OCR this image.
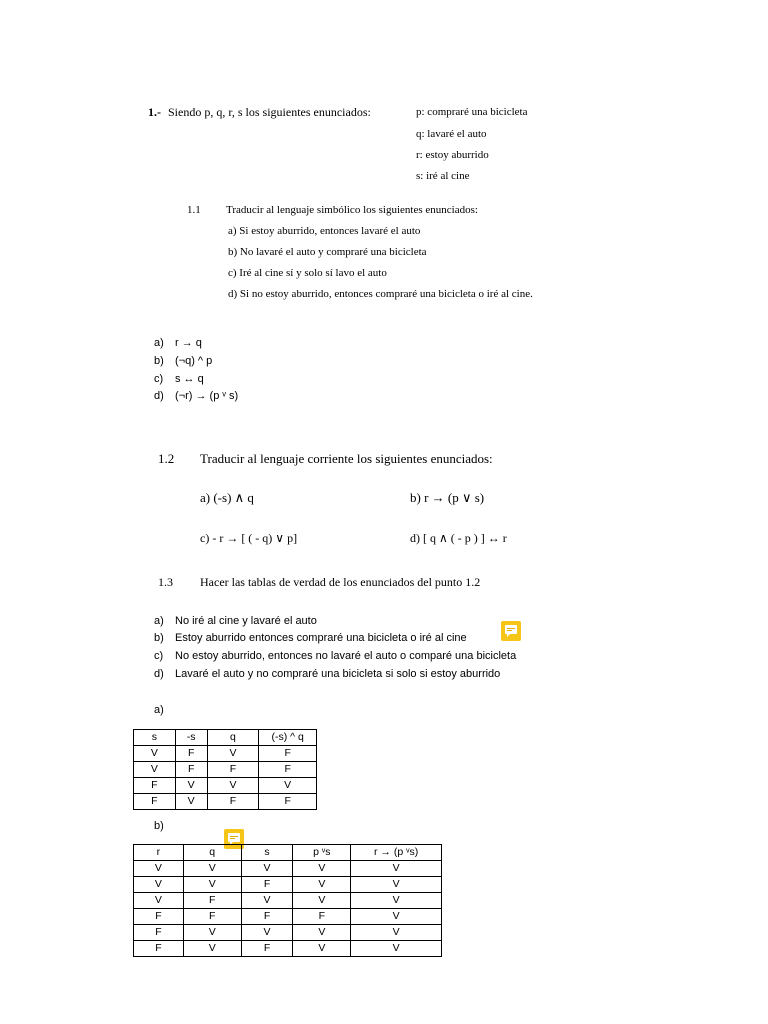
1.- Siendo p, q, r, s los siguientes enunciados:	p: compraré una bicicleta
q: lavaré el auto
r: estoy aburrido
s: iré al cine
1.1 Traducir al lenguaje simbólico los siguientes enunciados:
a) Si estoy aburrido, entonces lavaré el auto
b) No lavaré el auto y compraré una bicicleta
c) Iré al cine sí y solo sí lavo el auto
d) Si no estoy aburrido, entonces compraré una bicicleta o iré al cine.
a) r → q
b) (¬q) ^ p
c) s ↔ q
d) (¬r) → (p ᵛ s)
1.2 Traducir al lenguaje corriente los siguientes enunciados:
a) (-s) ∧ q	b) r → (p ∨ s)
c) - r → [ ( - q) ∨ p]	d) [ q ∧ ( - p ) ] ↔ r
1.3 Hacer las tablas de verdad de los enunciados del punto 1.2
a) No iré al cine y lavaré el auto
b) Estoy aburrido entonces compraré una bicicleta o iré al cine
c) No estoy aburrido, entonces no lavaré el auto o comparé una bicicleta
d) Lavaré el auto y no compraré una bicicleta si solo si estoy aburrido
a)
s	-s	q	(-s) ^ q
V	F	V	F
V	F	F	F
F	V	V	V
F	V	F	F
b)
r	q	s	p ᵛs	r → (p ᵛs)
V	V	V	V	V
V	V	F	V	V
V	F	V	V	V
F	F	F	F	V
F	V	V	V	V
F	V	F	V	V
